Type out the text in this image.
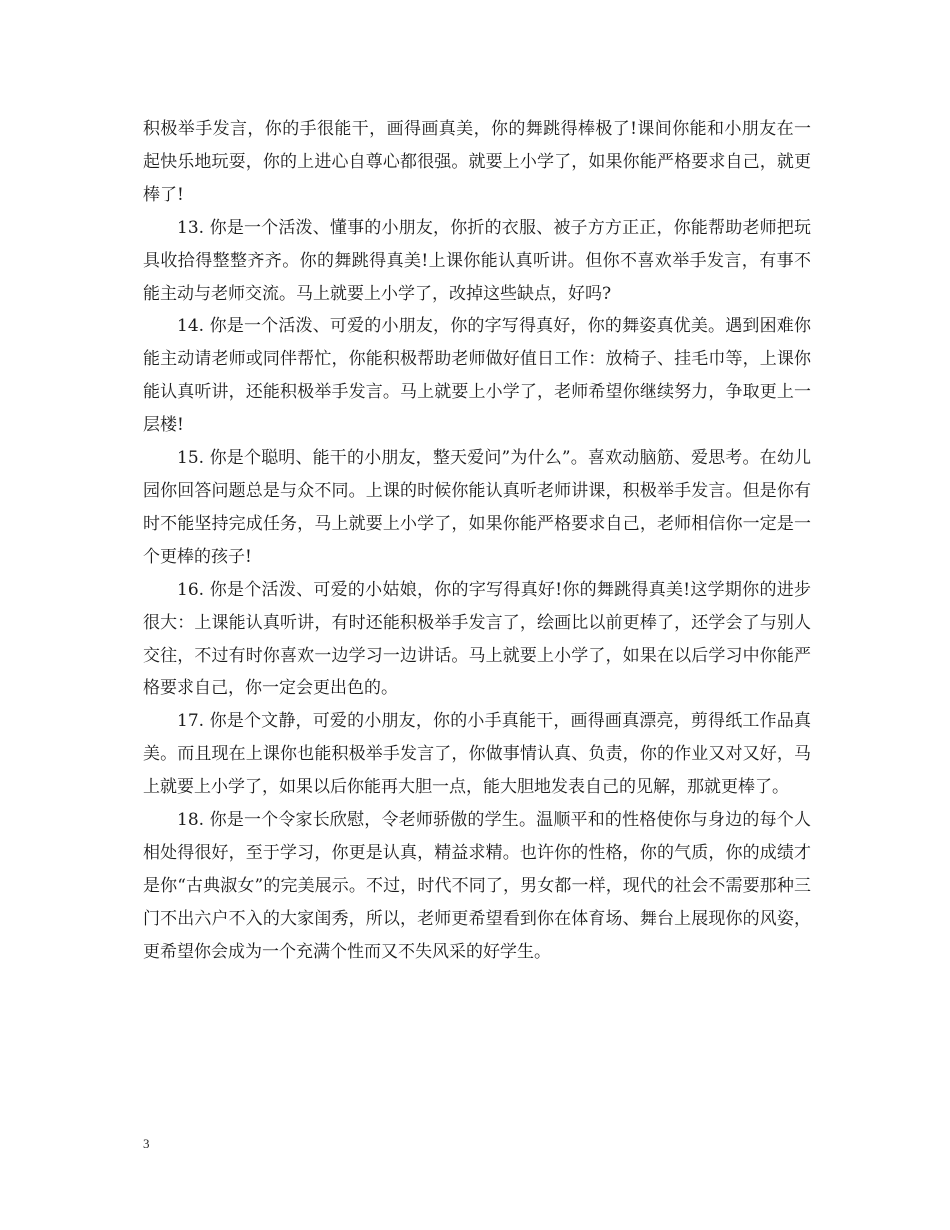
积极举手发言，你的手很能干，画得画真美，你的舞跳得棒极了!课间你能和小朋友在一起快乐地玩耍，你的上进心自尊心都很强。就要上小学了，如果你能严格要求自己，就更棒了!

13. 你是一个活泼、懂事的小朋友，你折的衣服、被子方方正正，你能帮助老师把玩具收拾得整整齐齐。你的舞跳得真美!上课你能认真听讲。但你不喜欢举手发言，有事不能主动与老师交流。马上就要上小学了，改掉这些缺点，好吗?

14. 你是一个活泼、可爱的小朋友，你的字写得真好，你的舞姿真优美。遇到困难你能主动请老师或同伴帮忙，你能积极帮助老师做好值日工作：放椅子、挂毛巾等，上课你能认真听讲，还能积极举手发言。马上就要上小学了，老师希望你继续努力，争取更上一层楼!

15. 你是个聪明、能干的小朋友，整天爱问”为什么”。喜欢动脑筋、爱思考。在幼儿园你回答问题总是与众不同。上课的时候你能认真听老师讲课，积极举手发言。但是你有时不能坚持完成任务，马上就要上小学了，如果你能严格要求自己，老师相信你一定是一个更棒的孩子!

16. 你是个活泼、可爱的小姑娘，你的字写得真好!你的舞跳得真美!这学期你的进步很大：上课能认真听讲，有时还能积极举手发言了，绘画比以前更棒了，还学会了与别人交往，不过有时你喜欢一边学习一边讲话。马上就要上小学了，如果在以后学习中你能严格要求自己，你一定会更出色的。

17. 你是个文静，可爱的小朋友，你的小手真能干，画得画真漂亮，剪得纸工作品真美。而且现在上课你也能积极举手发言了，你做事情认真、负责，你的作业又对又好，马上就要上小学了，如果以后你能再大胆一点，能大胆地发表自己的见解，那就更棒了。

18. 你是一个令家长欣慰，令老师骄傲的学生。温顺平和的性格使你与身边的每个人相处得很好，至于学习，你更是认真，精益求精。也许你的性格，你的气质，你的成绩才是你“古典淑女”的完美展示。不过，时代不同了，男女都一样，现代的社会不需要那种三门不出六户不入的大家闺秀，所以，老师更希望看到你在体育场、舞台上展现你的风姿，更希望你会成为一个充满个性而又不失风采的好学生。

3
